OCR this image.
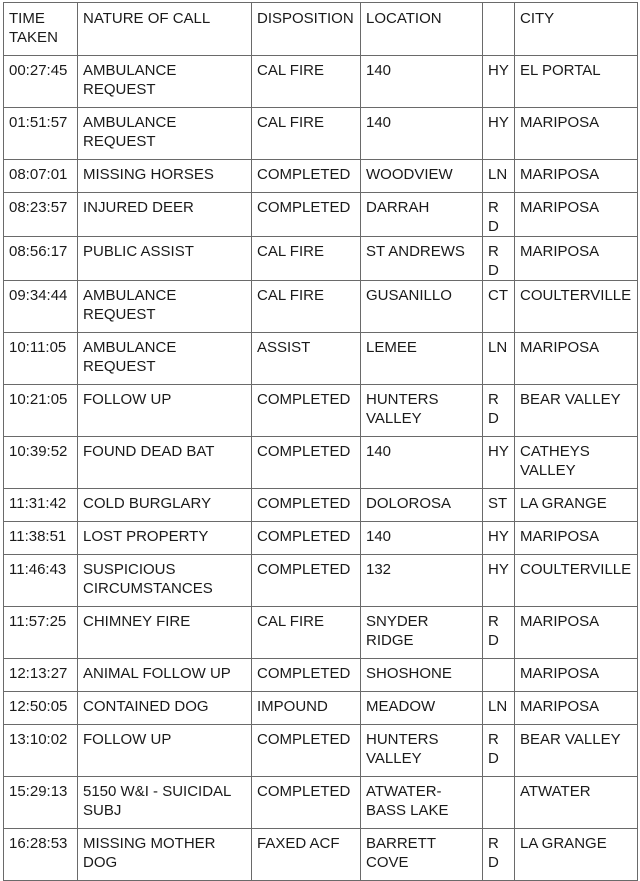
TIME TAKEN	NATURE OF CALL	DISPOSITION	LOCATION		CITY
00:27:45	AMBULANCE REQUEST	CAL FIRE	140	HY	EL PORTAL
01:51:57	AMBULANCE REQUEST	CAL FIRE	140	HY	MARIPOSA
08:07:01	MISSING HORSES	COMPLETED	WOODVIEW	LN	MARIPOSA
08:23:57	INJURED DEER	COMPLETED	DARRAH	RD	MARIPOSA
08:56:17	PUBLIC ASSIST	CAL FIRE	ST ANDREWS	RD	MARIPOSA
09:34:44	AMBULANCE REQUEST	CAL FIRE	GUSANILLO	CT	COULTERVILLE
10:11:05	AMBULANCE REQUEST	ASSIST	LEMEE	LN	MARIPOSA
10:21:05	FOLLOW UP	COMPLETED	HUNTERS VALLEY	RD	BEAR VALLEY
10:39:52	FOUND DEAD BAT	COMPLETED	140	HY	CATHEYS VALLEY
11:31:42	COLD BURGLARY	COMPLETED	DOLOROSA	ST	LA GRANGE
11:38:51	LOST PROPERTY	COMPLETED	140	HY	MARIPOSA
11:46:43	SUSPICIOUS CIRCUMSTANCES	COMPLETED	132	HY	COULTERVILLE
11:57:25	CHIMNEY FIRE	CAL FIRE	SNYDER RIDGE	RD	MARIPOSA
12:13:27	ANIMAL FOLLOW UP	COMPLETED	SHOSHONE		MARIPOSA
12:50:05	CONTAINED DOG	IMPOUND	MEADOW	LN	MARIPOSA
13:10:02	FOLLOW UP	COMPLETED	HUNTERS VALLEY	RD	BEAR VALLEY
15:29:13	5150 W&I - SUICIDAL SUBJ	COMPLETED	ATWATER-BASS LAKE		ATWATER
16:28:53	MISSING MOTHER DOG	FAXED ACF	BARRETT COVE	RD	LA GRANGE
